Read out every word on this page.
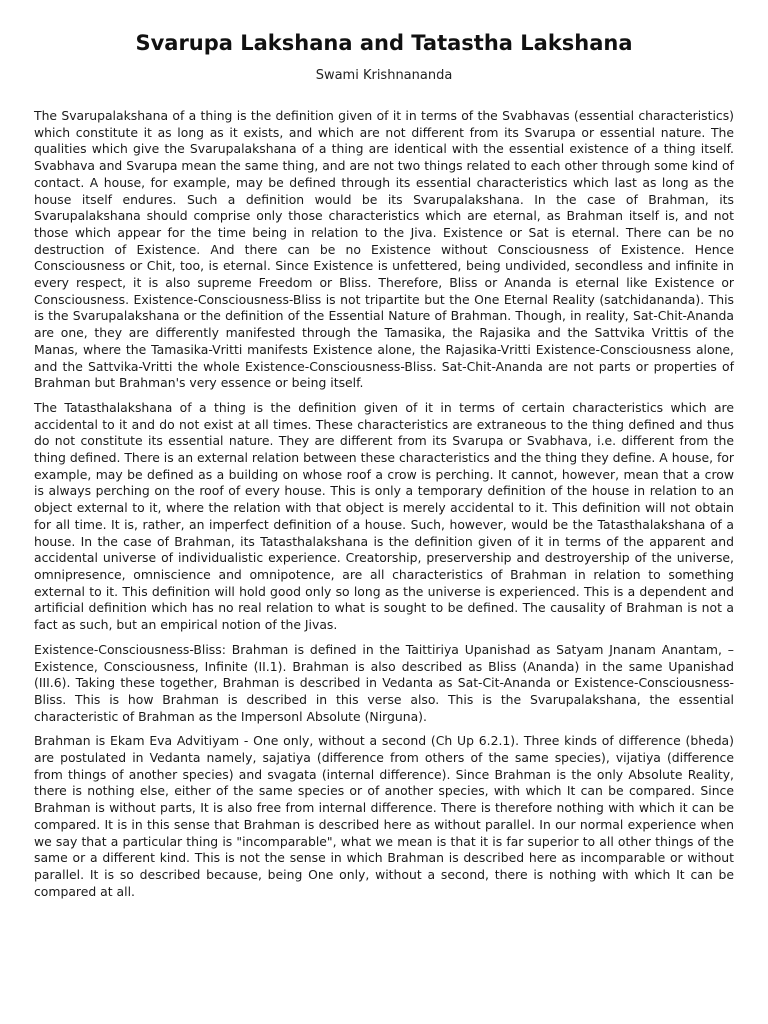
Svarupa Lakshana and Tatastha Lakshana
Swami Krishnananda

The Svarupalakshana of a thing is the definition given of it in terms of the Svabhavas (essential characteristics) which constitute it as long as it exists, and which are not different from its Svarupa or essential nature. The qualities which give the Svarupalakshana of a thing are identical with the essential existence of a thing itself. Svabhava and Svarupa mean the same thing, and are not two things related to each other through some kind of contact. A house, for example, may be defined through its essential characteristics which last as long as the house itself endures. Such a definition would be its Svarupalakshana. In the case of Brahman, its Svarupalakshana should comprise only those characteristics which are eternal, as Brahman itself is, and not those which appear for the time being in relation to the Jiva. Existence or Sat is eternal. There can be no destruction of Existence. And there can be no Existence without Consciousness of Existence. Hence Consciousness or Chit, too, is eternal. Since Existence is unfettered, being undivided, secondless and infinite in every respect, it is also supreme Freedom or Bliss. Therefore, Bliss or Ananda is eternal like Existence or Consciousness. Existence-Consciousness-Bliss is not tripartite but the One Eternal Reality (satchidananda). This is the Svarupalakshana or the definition of the Essential Nature of Brahman. Though, in reality, Sat-Chit-Ananda are one, they are differently manifested through the Tamasika, the Rajasika and the Sattvika Vrittis of the Manas, where the Tamasika-Vritti manifests Existence alone, the Rajasika-Vritti Existence-Consciousness alone, and the Sattvika-Vritti the whole Existence-Consciousness-Bliss. Sat-Chit-Ananda are not parts or properties of Brahman but Brahman's very essence or being itself.

The Tatasthalakshana of a thing is the definition given of it in terms of certain characteristics which are accidental to it and do not exist at all times. These characteristics are extraneous to the thing defined and thus do not constitute its essential nature. They are different from its Svarupa or Svabhava, i.e. different from the thing defined. There is an external relation between these characteristics and the thing they define. A house, for example, may be defined as a building on whose roof a crow is perching. It cannot, however, mean that a crow is always perching on the roof of every house. This is only a temporary definition of the house in relation to an object external to it, where the relation with that object is merely accidental to it. This definition will not obtain for all time. It is, rather, an imperfect definition of a house. Such, however, would be the Tatasthalakshana of a house. In the case of Brahman, its Tatasthalakshana is the definition given of it in terms of the apparent and accidental universe of individualistic experience. Creatorship, preservership and destroyership of the universe, omnipresence, omniscience and omnipotence, are all characteristics of Brahman in relation to something external to it. This definition will hold good only so long as the universe is experienced. This is a dependent and artificial definition which has no real relation to what is sought to be defined. The causality of Brahman is not a fact as such, but an empirical notion of the Jivas.

Existence-Consciousness-Bliss: Brahman is defined in the Taittiriya Upanishad as Satyam Jnanam Anantam, – Existence, Consciousness, Infinite (II.1). Brahman is also described as Bliss (Ananda) in the same Upanishad (III.6). Taking these together, Brahman is described in Vedanta as Sat-Cit-Ananda or Existence-Consciousness-Bliss. This is how Brahman is described in this verse also. This is the Svarupalakshana, the essential characteristic of Brahman as the Impersonl Absolute (Nirguna).

Brahman is Ekam Eva Advitiyam - One only, without a second (Ch Up 6.2.1). Three kinds of difference (bheda) are postulated in Vedanta namely, sajatiya (difference from others of the same species), vijatiya (difference from things of another species) and svagata (internal difference). Since Brahman is the only Absolute Reality, there is nothing else, either of the same species or of another species, with which It can be compared. Since Brahman is without parts, It is also free from internal difference. There is therefore nothing with which it can be compared. It is in this sense that Brahman is described here as without parallel. In our normal experience when we say that a particular thing is "incomparable", what we mean is that it is far superior to all other things of the same or a different kind. This is not the sense in which Brahman is described here as incomparable or without parallel. It is so described because, being One only, without a second, there is nothing with which It can be compared at all.
